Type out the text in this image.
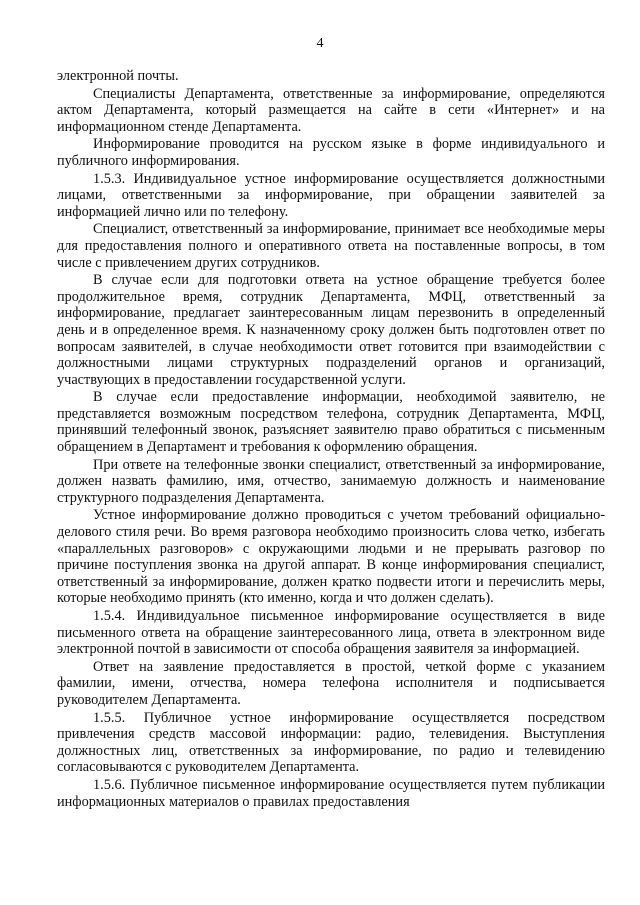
4

электронной почты.

Специалисты Департамента, ответственные за информирование, определяются актом Департамента, который размещается на сайте в сети «Интернет» и на информационном стенде Департамента.

Информирование проводится на русском языке в форме индивидуального и публичного информирования.

1.5.3. Индивидуальное устное информирование осуществляется должностными лицами, ответственными за информирование, при обращении заявителей за информацией лично или по телефону.

Специалист, ответственный за информирование, принимает все необходимые меры для предоставления полного и оперативного ответа на поставленные вопросы, в том числе с привлечением других сотрудников.

В случае если для подготовки ответа на устное обращение требуется более продолжительное время, сотрудник Департамента, МФЦ, ответственный за информирование, предлагает заинтересованным лицам перезвонить в определенный день и в определенное время. К назначенному сроку должен быть подготовлен ответ по вопросам заявителей, в случае необходимости ответ готовится при взаимодействии с должностными лицами структурных подразделений органов и организаций, участвующих в предоставлении государственной услуги.

В случае если предоставление информации, необходимой заявителю, не представляется возможным посредством телефона, сотрудник Департамента, МФЦ, принявший телефонный звонок, разъясняет заявителю право обратиться с письменным обращением в Департамент и требования к оформлению обращения.

При ответе на телефонные звонки специалист, ответственный за информирование, должен назвать фамилию, имя, отчество, занимаемую должность и наименование структурного подразделения Департамента.

Устное информирование должно проводиться с учетом требований официально-делового стиля речи. Во время разговора необходимо произносить слова четко, избегать «параллельных разговоров» с окружающими людьми и не прерывать разговор по причине поступления звонка на другой аппарат. В конце информирования специалист, ответственный за информирование, должен кратко подвести итоги и перечислить меры, которые необходимо принять (кто именно, когда и что должен сделать).

1.5.4. Индивидуальное письменное информирование осуществляется в виде письменного ответа на обращение заинтересованного лица, ответа в электронном виде электронной почтой в зависимости от способа обращения заявителя за информацией.

Ответ на заявление предоставляется в простой, четкой форме с указанием фамилии, имени, отчества, номера телефона исполнителя и подписывается руководителем Департамента.

1.5.5. Публичное устное информирование осуществляется посредством привлечения средств массовой информации: радио, телевидения. Выступления должностных лиц, ответственных за информирование, по радио и телевидению согласовываются с руководителем Департамента.

1.5.6. Публичное письменное информирование осуществляется путем публикации информационных материалов о правилах предоставления
